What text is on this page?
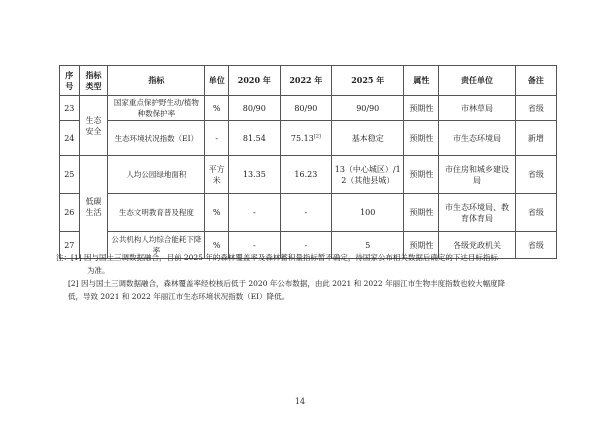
序号	指标类型	指标	单位	2020 年	2022 年	2025 年	属性	责任单位	备注
23	生态安全	国家重点保护野生动/植物种数保护率	%	80/90	80/90	90/90	预期性	市林草局	省级
24		生态环境状况指数（EI）	-	81.54	75.13[2]	基本稳定	预期性	市生态环境局	新增
25	低碳生活	人均公园绿地面积	平方米	13.35	16.23	13（中心城区）/12（其他县城）	预期性	市住房和城乡建设局	省级
26		生态文明教育普及程度	%	-	-	100	预期性	市生态环境局、教育体育局	省级
27		公共机构人均综合能耗下降率	%	-	-	5	预期性	各级党政机关	省级
注：[1] 因与国土三调数据融合，目前 2025 年的森林覆盖率及森林蓄积量指标暂不确定，待国家公布相关数据后确定的下达目标指标
为准。
[2] 因与国土三调数据融合，森林覆盖率经校核后低于 2020 年公布数据，由此 2021 和 2022 年丽江市生物丰度指数也较大幅度降
低，导致 2021 和 2022 年丽江市生态环境状况指数（EI）降低。
14
